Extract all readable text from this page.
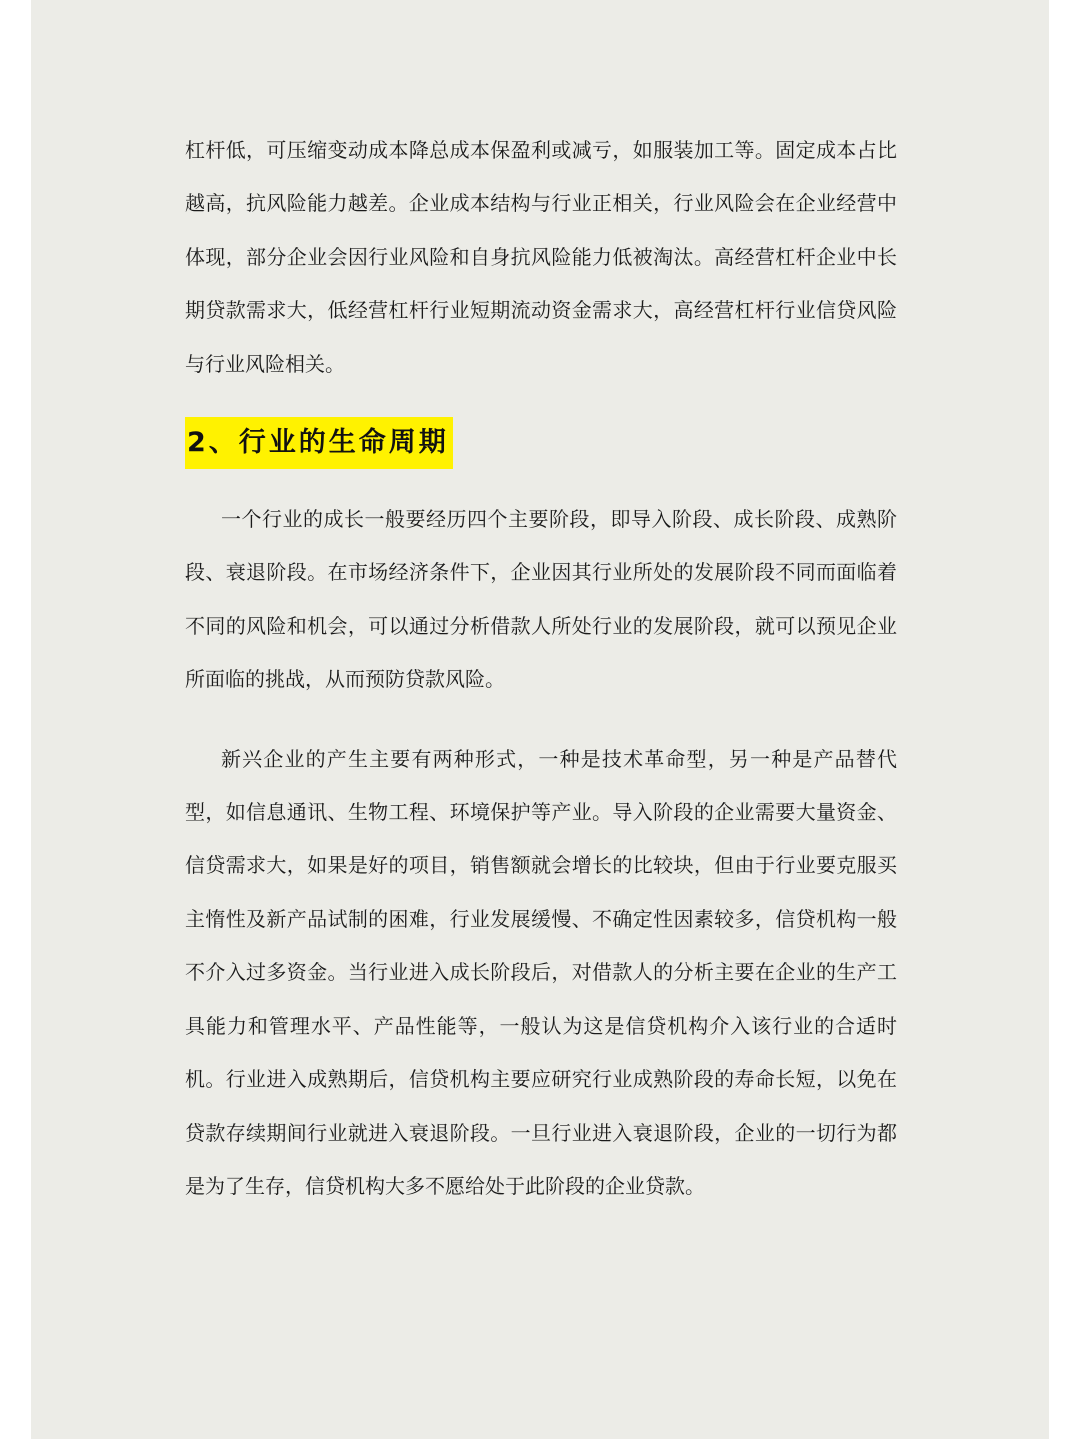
杠杆低，可压缩变动成本降总成本保盈利或减亏，如服装加工等。固定成本占比越高，抗风险能力越差。企业成本结构与行业正相关，行业风险会在企业经营中体现，部分企业会因行业风险和自身抗风险能力低被淘汰。高经营杠杆企业中长期贷款需求大，低经营杠杆行业短期流动资金需求大，高经营杠杆行业信贷风险与行业风险相关。

2、行业的生命周期

一个行业的成长一般要经历四个主要阶段，即导入阶段、成长阶段、成熟阶段、衰退阶段。在市场经济条件下，企业因其行业所处的发展阶段不同而面临着不同的风险和机会，可以通过分析借款人所处行业的发展阶段，就可以预见企业所面临的挑战，从而预防贷款风险。

新兴企业的产生主要有两种形式，一种是技术革命型，另一种是产品替代型，如信息通讯、生物工程、环境保护等产业。导入阶段的企业需要大量资金、信贷需求大，如果是好的项目，销售额就会增长的比较块，但由于行业要克服买主惰性及新产品试制的困难，行业发展缓慢、不确定性因素较多，信贷机构一般不介入过多资金。当行业进入成长阶段后，对借款人的分析主要在企业的生产工具能力和管理水平、产品性能等，一般认为这是信贷机构介入该行业的合适时机。行业进入成熟期后，信贷机构主要应研究行业成熟阶段的寿命长短，以免在贷款存续期间行业就进入衰退阶段。一旦行业进入衰退阶段，企业的一切行为都是为了生存，信贷机构大多不愿给处于此阶段的企业贷款。
